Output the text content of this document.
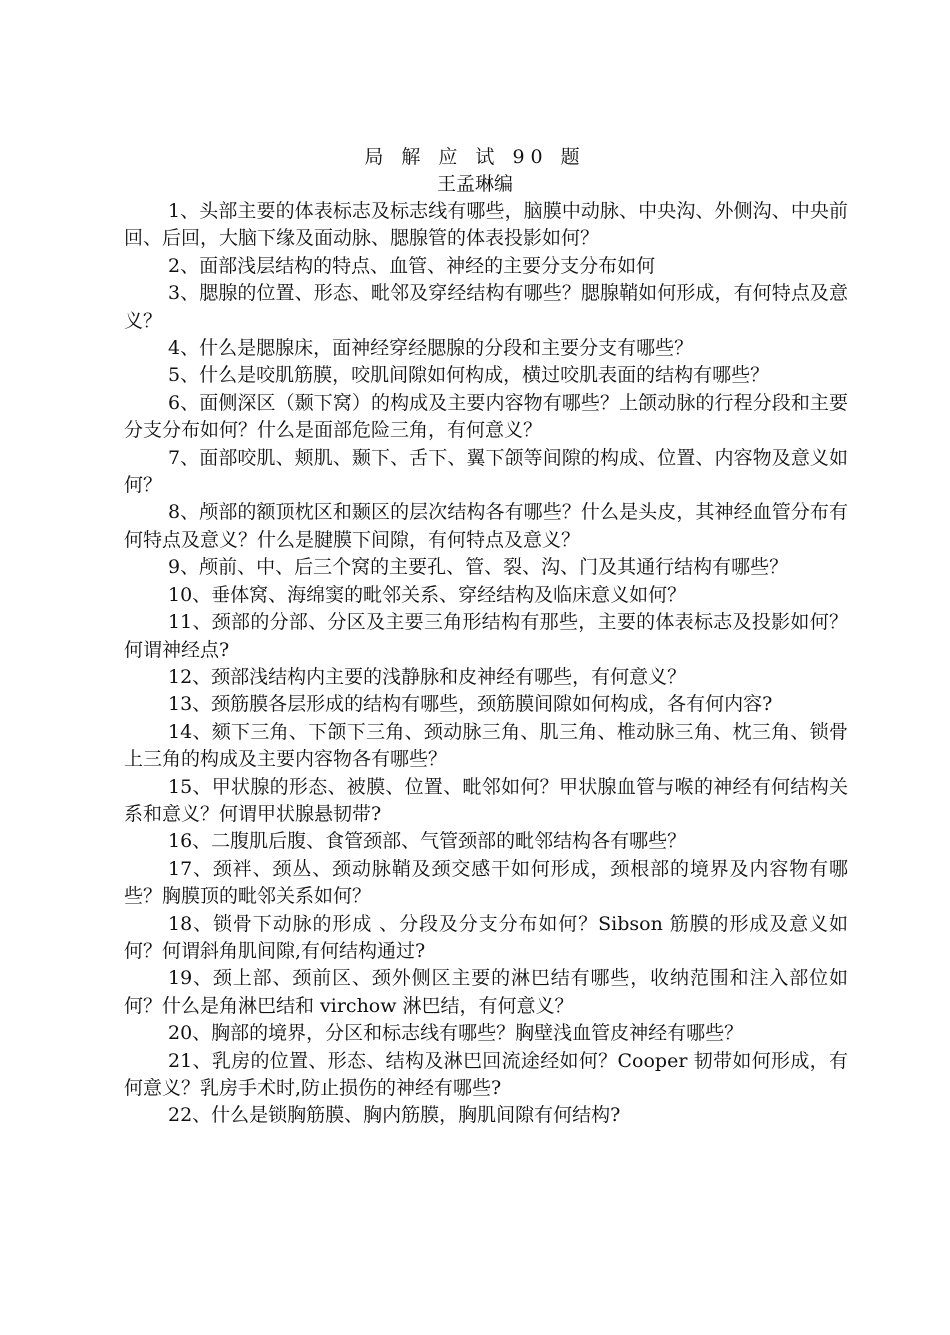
局 解 应 试 90 题
王孟琳编

1、头部主要的体表标志及标志线有哪些，脑膜中动脉、中央沟、外侧沟、中央前回、后回，大脑下缘及面动脉、腮腺管的体表投影如何？

2、面部浅层结构的特点、血管、神经的主要分支分布如何

3、腮腺的位置、形态、毗邻及穿经结构有哪些？腮腺鞘如何形成，有何特点及意义？

4、什么是腮腺床，面神经穿经腮腺的分段和主要分支有哪些？

5、什么是咬肌筋膜，咬肌间隙如何构成，横过咬肌表面的结构有哪些？

6、面侧深区（颞下窝）的构成及主要内容物有哪些？上颌动脉的行程分段和主要分支分布如何？什么是面部危险三角，有何意义？

7、面部咬肌、颊肌、颞下、舌下、翼下颌等间隙的构成、位置、内容物及意义如何？

8、颅部的额顶枕区和颞区的层次结构各有哪些？什么是头皮，其神经血管分布有何特点及意义？什么是腱膜下间隙，有何特点及意义？

9、颅前、中、后三个窝的主要孔、管、裂、沟、门及其通行结构有哪些？

10、垂体窝、海绵窦的毗邻关系、穿经结构及临床意义如何？

11、颈部的分部、分区及主要三角形结构有那些，主要的体表标志及投影如何？何谓神经点?

12、颈部浅结构内主要的浅静脉和皮神经有哪些，有何意义？

13、颈筋膜各层形成的结构有哪些，颈筋膜间隙如何构成，各有何内容?

14、颏下三角、下颌下三角、颈动脉三角、肌三角、椎动脉三角、枕三角、锁骨上三角的构成及主要内容物各有哪些？

15、甲状腺的形态、被膜、位置、毗邻如何？甲状腺血管与喉的神经有何结构关系和意义？何谓甲状腺悬韧带?

16、二腹肌后腹、食管颈部、气管颈部的毗邻结构各有哪些？

17、颈袢、颈丛、颈动脉鞘及颈交感干如何形成，颈根部的境界及内容物有哪些？胸膜顶的毗邻关系如何？

18、锁骨下动脉的形成 、分段及分支分布如何？Sibson 筋膜的形成及意义如何？何谓斜角肌间隙,有何结构通过?

19、颈上部、颈前区、颈外侧区主要的淋巴结有哪些，收纳范围和注入部位如何？什么是角淋巴结和 virchow 淋巴结，有何意义？

20、胸部的境界，分区和标志线有哪些？胸壁浅血管皮神经有哪些？

21、乳房的位置、形态、结构及淋巴回流途经如何？Cooper 韧带如何形成，有何意义？乳房手术时,防止损伤的神经有哪些?

22、什么是锁胸筋膜、胸内筋膜，胸肌间隙有何结构?
